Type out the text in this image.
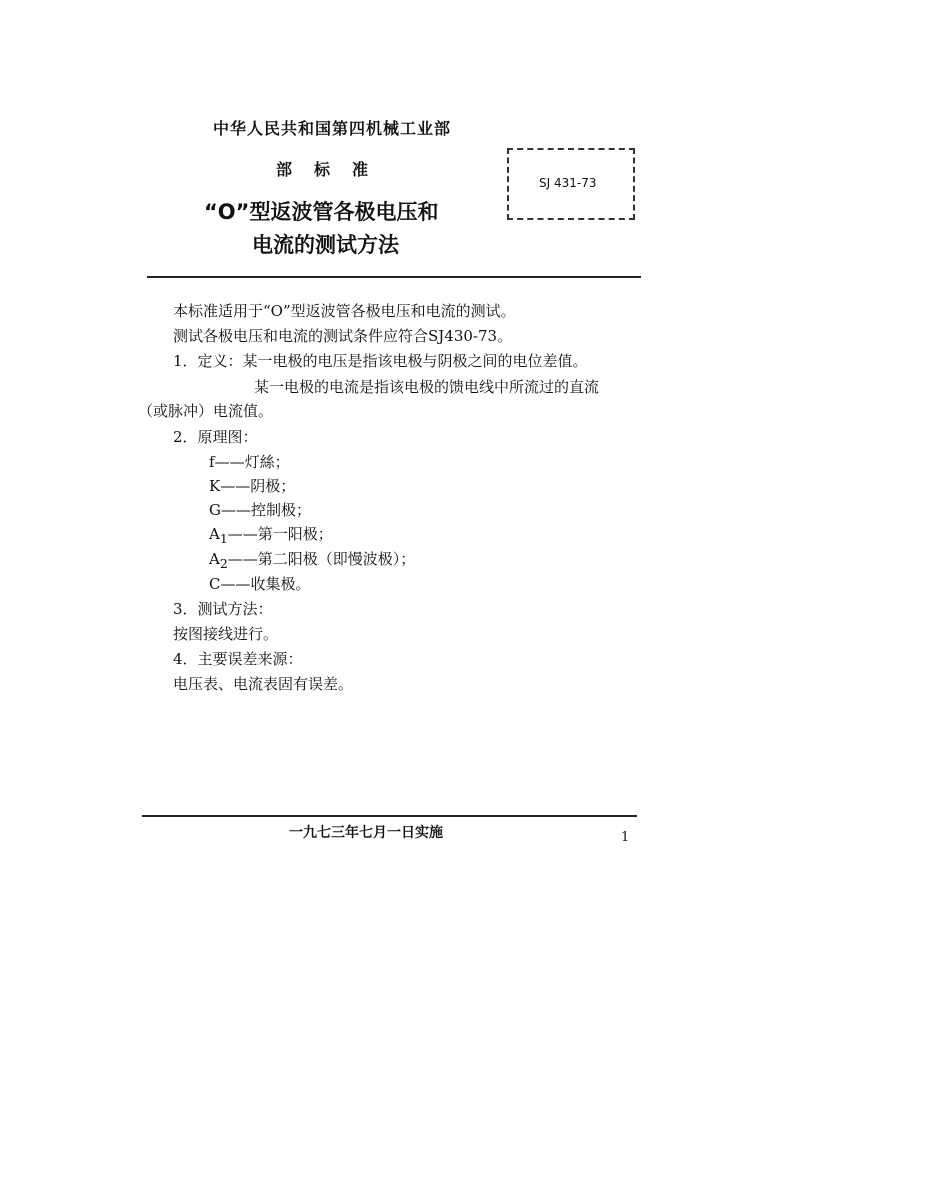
中华人民共和国第四机械工业部
部 标 准
“O”型返波管各极电压和
电流的测试方法
SJ 431-73
本标准适用于“O”型返波管各极电压和电流的测试。
测试各极电压和电流的测试条件应符合SJ430-73。
1．定义：某一电极的电压是指该电极与阴极之间的电位差值。
某一电极的电流是指该电极的馈电线中所流过的直流
（或脉冲）电流值。
2．原理图：
f——灯絲；
K——阴极；
G——控制极；
$A_1——$第一阳极；
$A_2——$第二阳极（即慢波极）；
C——收集极。
3．测试方法：
按图接线进行。
4．主要误差来源：
电压表、电流表固有误差。
一九七三年七月一日实施	1
